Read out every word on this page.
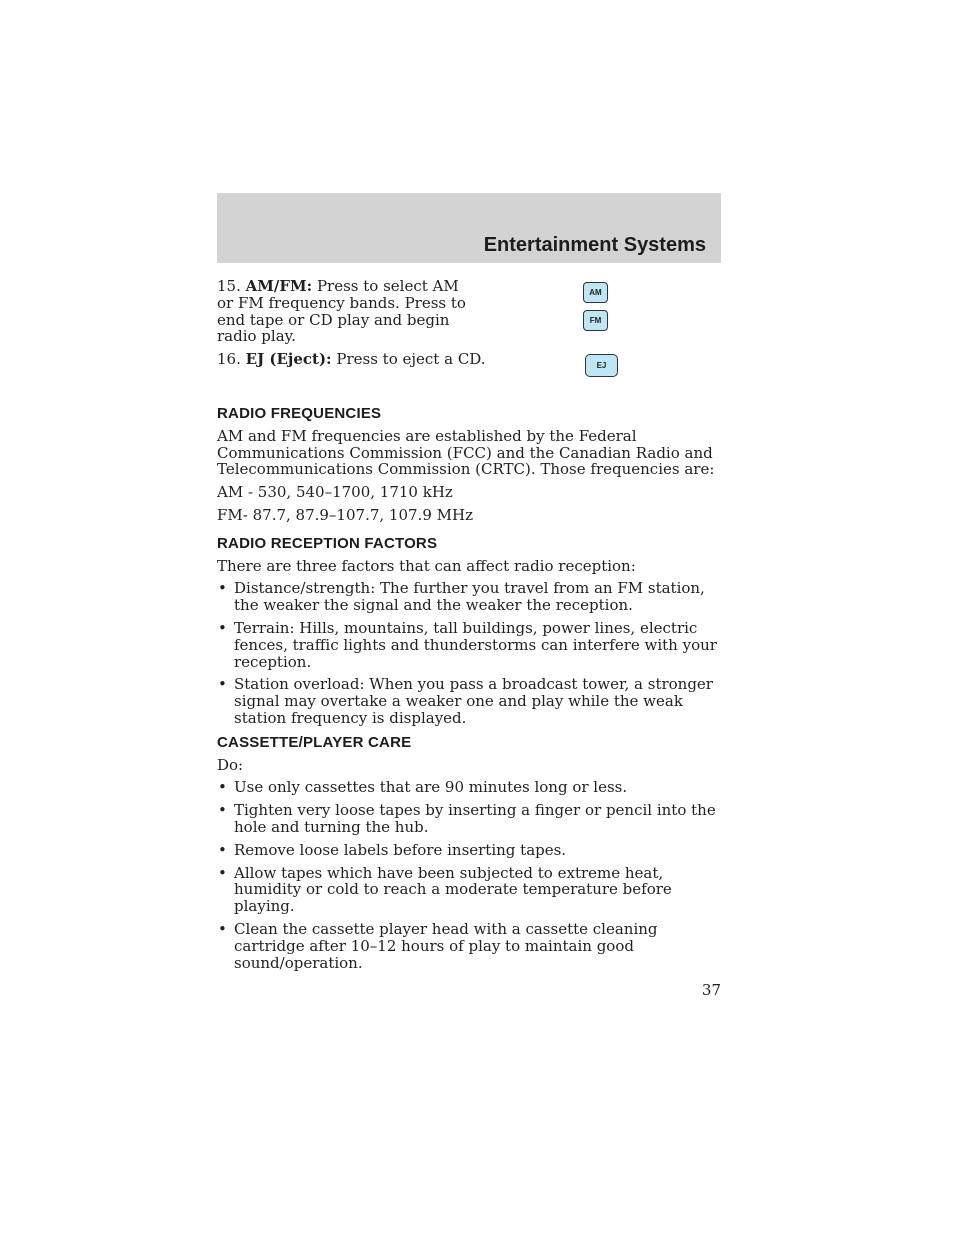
Entertainment Systems
AM
FM
EJ

15. AM/FM: Press to select AM or FM frequency bands. Press to end tape or CD play and begin radio play.

16. EJ (Eject): Press to eject a CD.

RADIO FREQUENCIES

AM and FM frequencies are established by the Federal Communications Commission (FCC) and the Canadian Radio and Telecommunications Commission (CRTC). Those frequencies are:

AM - 530, 540–1700, 1710 kHz

FM- 87.7, 87.9–107.7, 107.9 MHz

RADIO RECEPTION FACTORS

There are three factors that can affect radio reception:

• Distance/strength: The further you travel from an FM station, the weaker the signal and the weaker the reception.
• Terrain: Hills, mountains, tall buildings, power lines, electric fences, traffic lights and thunderstorms can interfere with your reception.
• Station overload: When you pass a broadcast tower, a stronger signal may overtake a weaker one and play while the weak station frequency is displayed.
CASSETTE/PLAYER CARE

Do:

• Use only cassettes that are 90 minutes long or less.
• Tighten very loose tapes by inserting a finger or pencil into the hole and turning the hub.
• Remove loose labels before inserting tapes.
• Allow tapes which have been subjected to extreme heat, humidity or cold to reach a moderate temperature before playing.
• Clean the cassette player head with a cassette cleaning cartridge after 10–12 hours of play to maintain good sound/operation.
37
